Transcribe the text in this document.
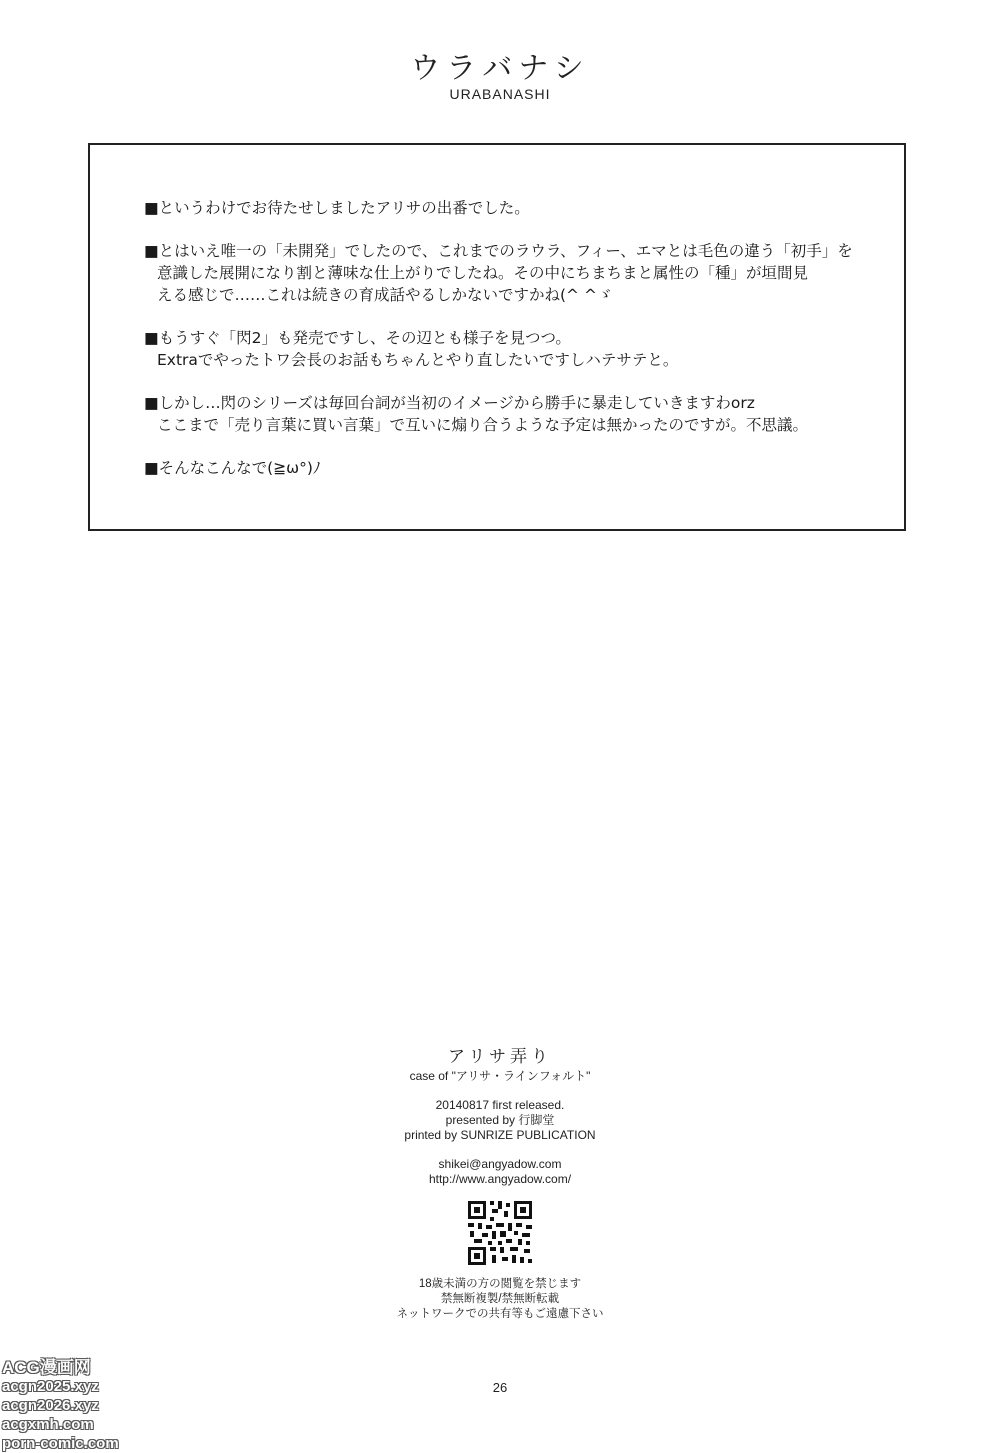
ウラバナシ
URABANASHI

■というわけでお待たせしましたアリサの出番でした。

■とはいえ唯一の「未開発」でしたので、これまでのラウラ、フィー、エマとは毛色の違う「初手」を
意識した展開になり割と薄味な仕上がりでしたね。その中にちまちまと属性の「種」が垣間見
える感じで……これは続きの育成話やるしかないですかね(^ ^ゞ

■もうすぐ「閃2」も発売ですし、その辺とも様子を見つつ。
Extraでやったトワ会長のお話もちゃんとやり直したいですしハテサテと。

■しかし…閃のシリーズは毎回台詞が当初のイメージから勝手に暴走していきますわorz
ここまで「売り言葉に買い言葉」で互いに煽り合うような予定は無かったのですが。不思議。

■そんなこんなで(≧ω°)ﾉ

アリサ弄り
case of "アリサ・ラインフォルト"
20140817 first released.
presented by 行脚堂
printed by SUNRIZE PUBLICATION
shikei@angyadow.com
http://www.angyadow.com/
18歳未満の方の閲覧を禁じます
禁無断複製/禁無断転載
ネットワークでの共有等もご遠慮下さい
26
ACG漫画网
acgn2025.xyz
acgn2026.xyz
acgxmh.com
porn-comic.com
